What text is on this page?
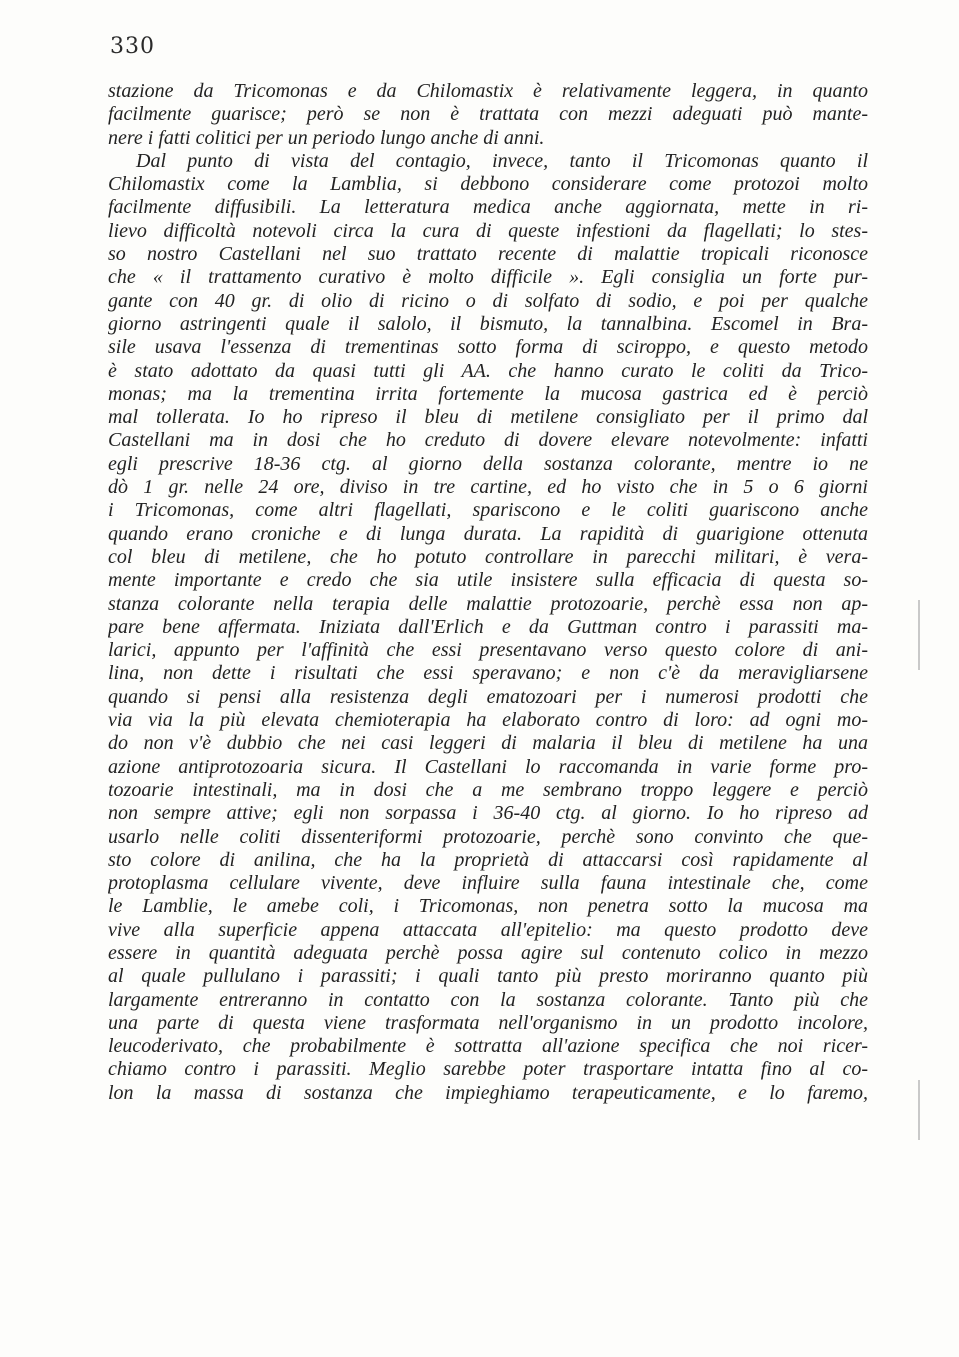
330
stazione da Tricomonas e da Chilomastix è relativamente leggera, in quanto
facilmente guarisce; però se non è trattata con mezzi adeguati può mante-
nere i fatti colitici per un periodo lungo anche di anni.
Dal punto di vista del contagio, invece, tanto il Tricomonas quanto il
Chilomastix come la Lamblia, si debbono considerare come protozoi molto
facilmente diffusibili. La letteratura medica anche aggiornata, mette in ri-
lievo difficoltà notevoli circa la cura di queste infestioni da flagellati; lo stes-
so nostro Castellani nel suo trattato recente di malattie tropicali riconosce
che « il trattamento curativo è molto difficile ». Egli consiglia un forte pur-
gante con 40 gr. di olio di ricino o di solfato di sodio, e poi per qualche
giorno astringenti quale il salolo, il bismuto, la tannalbina. Escomel in Bra-
sile usava l'essenza di trementinas sotto forma di sciroppo, e questo metodo
è stato adottato da quasi tutti gli AA. che hanno curato le coliti da Trico-
monas; ma la trementina irrita fortemente la mucosa gastrica ed è perciò
mal tollerata. Io ho ripreso il bleu di metilene consigliato per il primo dal
Castellani ma in dosi che ho creduto di dovere elevare notevolmente: infatti
egli prescrive 18-36 ctg. al giorno della sostanza colorante, mentre io ne
dò 1 gr. nelle 24 ore, diviso in tre cartine, ed ho visto che in 5 o 6 giorni
i Tricomonas, come altri flagellati, spariscono e le coliti guariscono anche
quando erano croniche e di lunga durata. La rapidità di guarigione ottenuta
col bleu di metilene, che ho potuto controllare in parecchi militari, è vera-
mente importante e credo che sia utile insistere sulla efficacia di questa so-
stanza colorante nella terapia delle malattie protozoarie, perchè essa non ap-
pare bene affermata. Iniziata dall'Erlich e da Guttman contro i parassiti ma-
larici, appunto per l'affinità che essi presentavano verso questo colore di ani-
lina, non dette i risultati che essi speravano; e non c'è da meravigliarsene
quando si pensi alla resistenza degli ematozoari per i numerosi prodotti che
via via la più elevata chemioterapia ha elaborato contro di loro: ad ogni mo-
do non v'è dubbio che nei casi leggeri di malaria il bleu di metilene ha una
azione antiprotozoaria sicura. Il Castellani lo raccomanda in varie forme pro-
tozoarie intestinali, ma in dosi che a me sembrano troppo leggere e perciò
non sempre attive; egli non sorpassa i 36-40 ctg. al giorno. Io ho ripreso ad
usarlo nelle coliti dissenteriformi protozoarie, perchè sono convinto che que-
sto colore di anilina, che ha la proprietà di attaccarsi così rapidamente al
protoplasma cellulare vivente, deve influire sulla fauna intestinale che, come
le Lamblie, le amebe coli, i Tricomonas, non penetra sotto la mucosa ma
vive alla superficie appena attaccata all'epitelio: ma questo prodotto deve
essere in quantità adeguata perchè possa agire sul contenuto colico in mezzo
al quale pullulano i parassiti; i quali tanto più presto moriranno quanto più
largamente entreranno in contatto con la sostanza colorante. Tanto più che
una parte di questa viene trasformata nell'organismo in un prodotto incolore,
leucoderivato, che probabilmente è sottratta all'azione specifica che noi ricer-
chiamo contro i parassiti. Meglio sarebbe poter trasportare intatta fino al co-
lon la massa di sostanza che impieghiamo terapeuticamente, e lo faremo,
